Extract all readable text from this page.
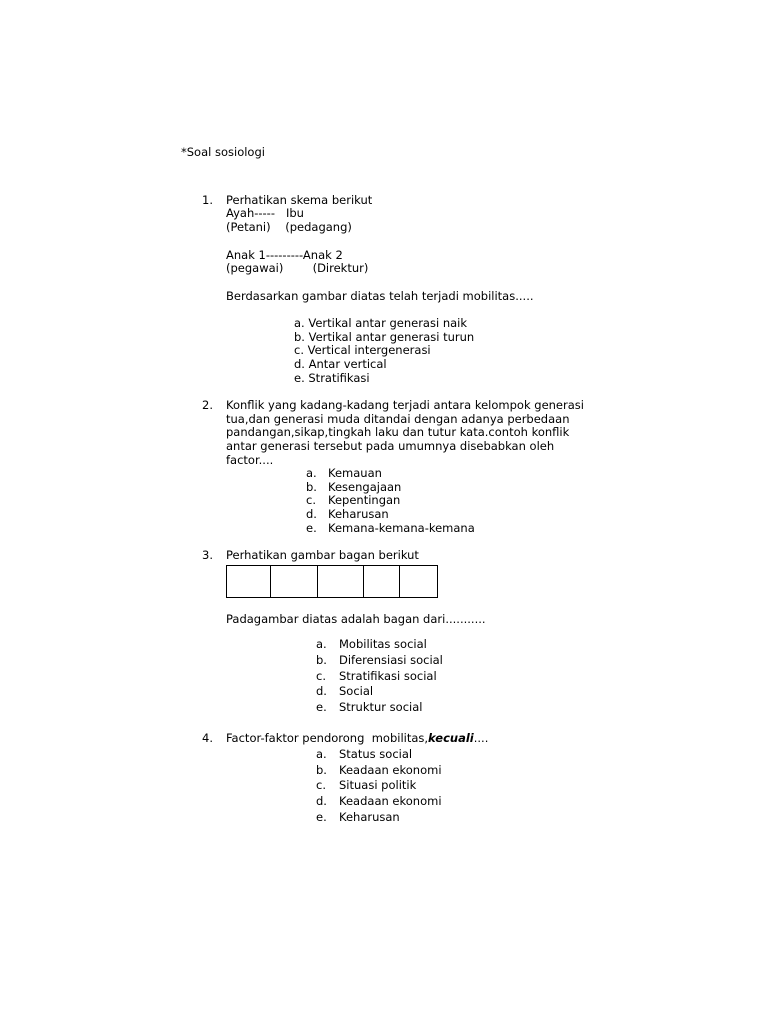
*Soal sosiologi
1. Perhatikan skema berikut
Ayah-----   Ibu
(Petani)    (pedagang)
Anak 1---------Anak 2
(pegawai)        (Direktur)
Berdasarkan gambar diatas telah terjadi mobilitas.....
a. Vertikal antar generasi naik
b. Vertikal antar generasi turun
c. Vertical intergenerasi
d. Antar vertical
e. Stratifikasi
2. Konflik yang kadang-kadang terjadi antara kelompok generasi
tua,dan generasi muda ditandai dengan adanya perbedaan
pandangan,sikap,tingkah laku dan tutur kata.contoh konflik
antar generasi tersebut pada umumnya disebabkan oleh
factor....
a. Kemauan
b. Kesengajaan
c. Kepentingan
d. Keharusan
e. Kemana-kemana-kemana
3. Perhatikan gambar bagan berikut
Padagambar diatas adalah bagan dari...........
a. Mobilitas social
b. Diferensiasi social
c. Stratifikasi social
d. Social
e. Struktur social
4. Factor-faktor pendorong  mobilitas,kecuali....
a. Status social
b. Keadaan ekonomi
c. Situasi politik
d. Keadaan ekonomi
e. Keharusan
